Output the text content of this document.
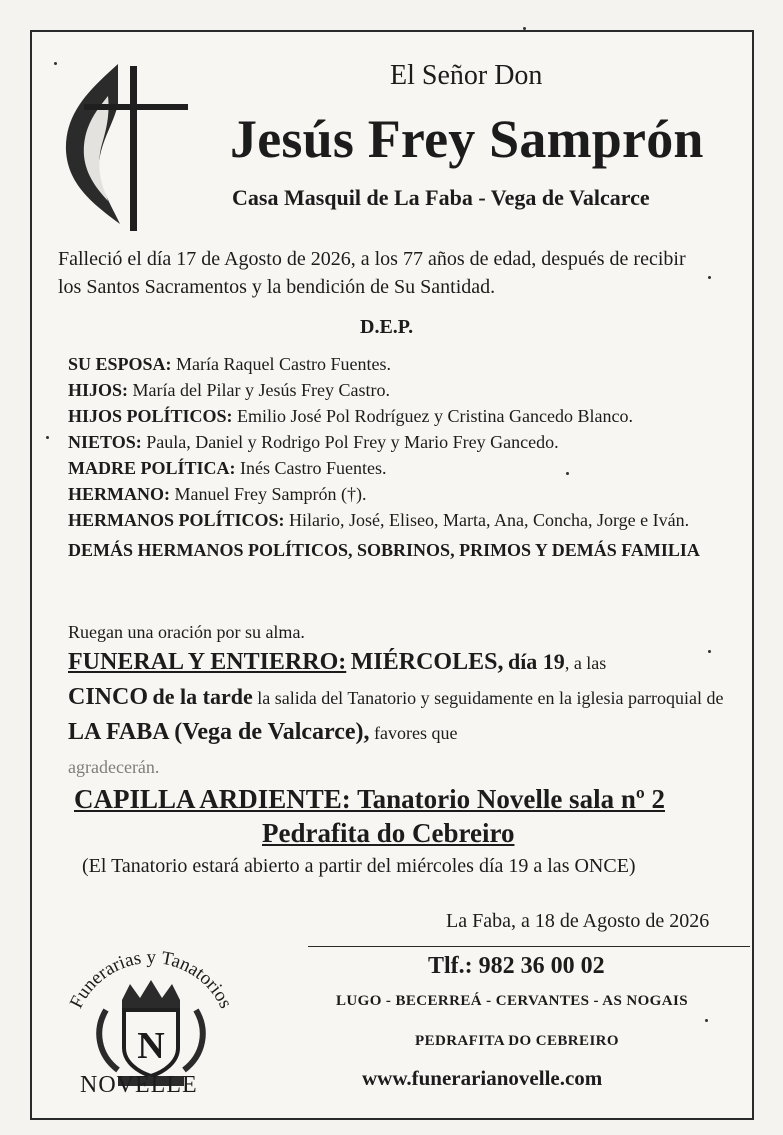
El Señor Don
Jesús Frey Samprón
Casa Masquil de La Faba - Vega de Valcarce
Falleció el día 17 de Agosto de 2026, a los 77 años de edad, después de recibir los Santos Sacramentos y la bendición de Su Santidad.
D.E.P.
SU ESPOSA: María Raquel Castro Fuentes.
HIJOS: María del Pilar y Jesús Frey Castro.
HIJOS POLÍTICOS: Emilio José Pol Rodríguez y Cristina Gancedo Blanco.
NIETOS: Paula, Daniel y Rodrigo Pol Frey y Mario Frey Gancedo.
MADRE POLÍTICA: Inés Castro Fuentes.
HERMANO: Manuel Frey Samprón (†).
HERMANOS POLÍTICOS: Hilario, José, Eliseo, Marta, Ana, Concha, Jorge e Iván.
DEMÁS HERMANOS POLÍTICOS, SOBRINOS, PRIMOS Y DEMÁS FAMILIA
Ruegan una oración por su alma.
FUNERAL Y ENTIERRO: MIÉRCOLES, día 19, a las
CINCO de la tarde la salida del Tanatorio y seguidamente en la iglesia parroquial de LA FABA (Vega de Valcarce), favores que
agradecerán.
CAPILLA ARDIENTE: Tanatorio Novelle sala nº 2
Pedrafita do Cebreiro
(El Tanatorio estará abierto a partir del miércoles día 19 a las ONCE)
La Faba, a 18 de Agosto de 2026
Tlf.: 982 36 00 02
LUGO - BECERREÁ - CERVANTES - AS NOGAIS
PEDRAFITA DO CEBREIRO
www.funerarianovelle.com
Funerarias y Tanatorios
N
NOVELLE
